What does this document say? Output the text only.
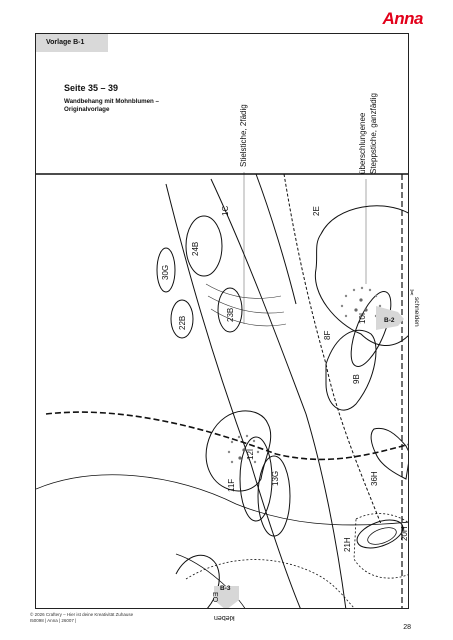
Anna
Vorlage B-1
Seite 35 – 39
Wandbehang mit Mohnblumen –
Originalvorlage	Stielstiche, 2fädig	überschlungenee Steppstiche, ganzfädig
1C
24B
30G
22B
23B
2E
8F
10I
9B
B-2
12I
11F	13G	36H
21H
20H
B-3
EO
✂
schneiden
© 2026 Craftery – Hier ist deine Kreativität Zuhause
I50098 | Anna | 26007 |	kleben
28
